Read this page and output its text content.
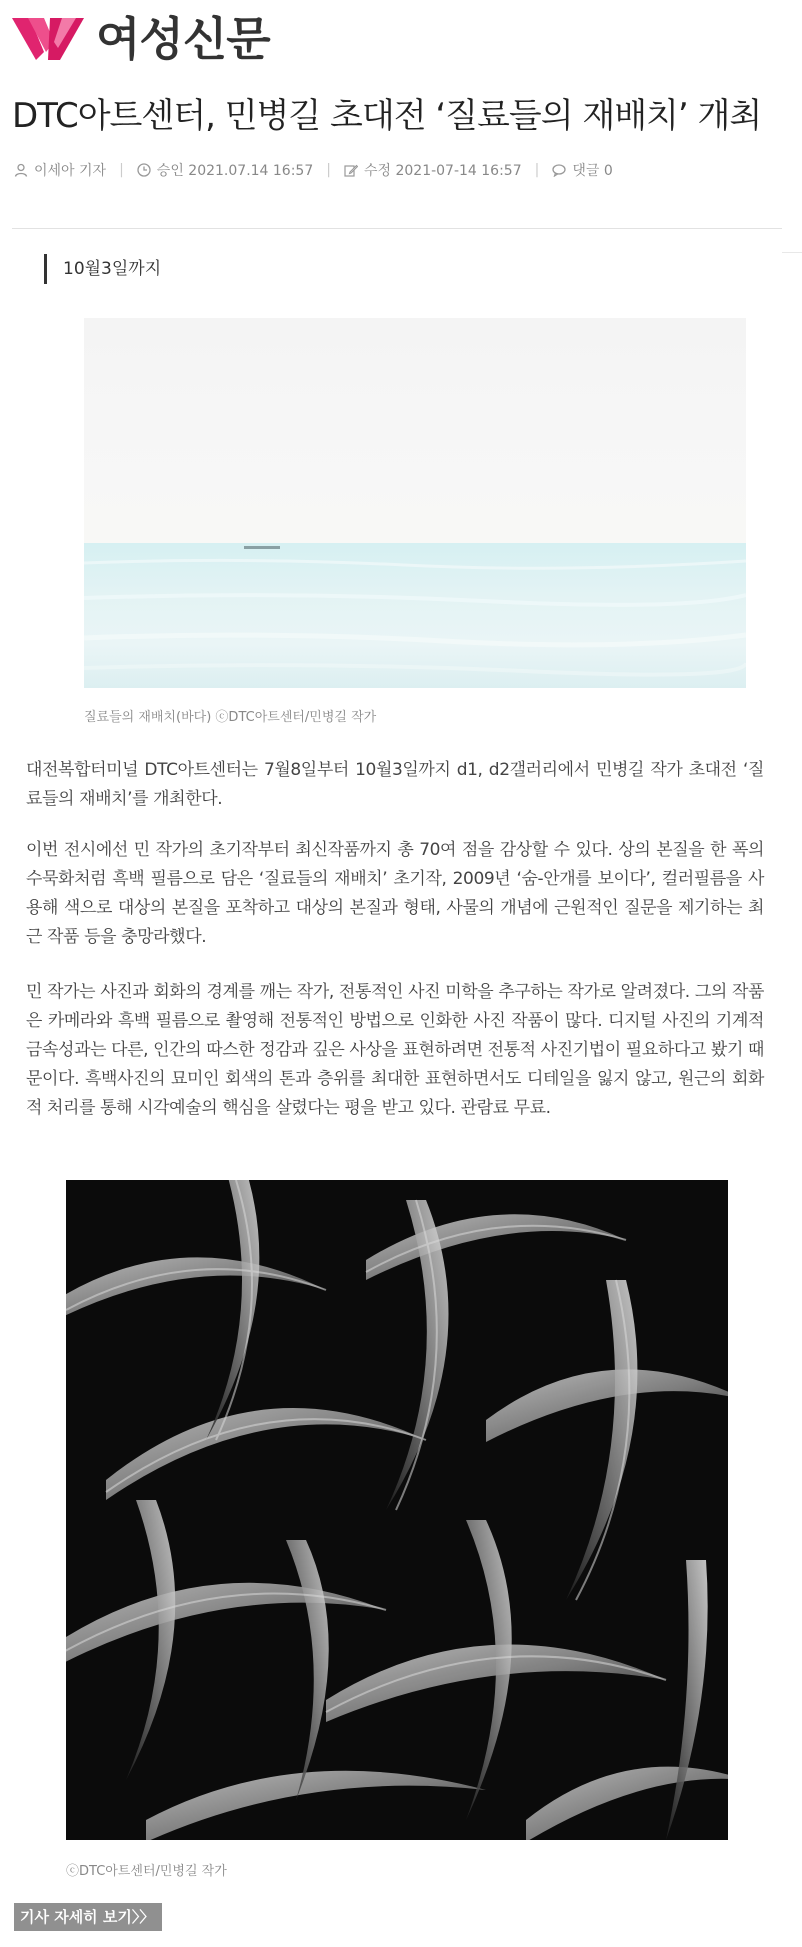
여성신문
DTC아트센터, 민병길 초대전 ‘질료들의 재배치’ 개최
이세아 기자 | 승인 2021.07.14 16:57 | 수정 2021-07-14 16:57 | 댓글 0
10월3일까지
질료들의 재배치(바다) ⓒDTC아트센터/민병길 작가

대전복합터미널 DTC아트센터는 7월8일부터 10월3일까지 d1, d2갤러리에서 민병길 작가 초대전 ‘질료들의 재배치’를 개최한다.

이번 전시에선 민 작가의 초기작부터 최신작품까지 총 70여 점을 감상할 수 있다. 상의 본질을 한 폭의 수묵화처럼 흑백 필름으로 담은 ‘질료들의 재배치’ 초기작, 2009년 ‘숨-안개를 보이다’, 컬러필름을 사용해 색으로 대상의 본질을 포착하고 대상의 본질과 형태, 사물의 개념에 근원적인 질문을 제기하는 최근 작품 등을 충망라했다.

민 작가는 사진과 회화의 경계를 깨는 작가, 전통적인 사진 미학을 추구하는 작가로 알려졌다. 그의 작품은 카메라와 흑백 필름으로 촬영해 전통적인 방법으로 인화한 사진 작품이 많다. 디지털 사진의 기계적 금속성과는 다른, 인간의 따스한 정감과 깊은 사상을 표현하려면 전통적 사진기법이 필요하다고 봤기 때문이다. 흑백사진의 묘미인 회색의 톤과 층위를 최대한 표현하면서도 디테일을 잃지 않고, 원근의 회화적 처리를 통해 시각예술의 핵심을 살렸다는 평을 받고 있다. 관람료 무료.

ⓒDTC아트센터/민병길 작가
기사 자세히 보기〉〉
